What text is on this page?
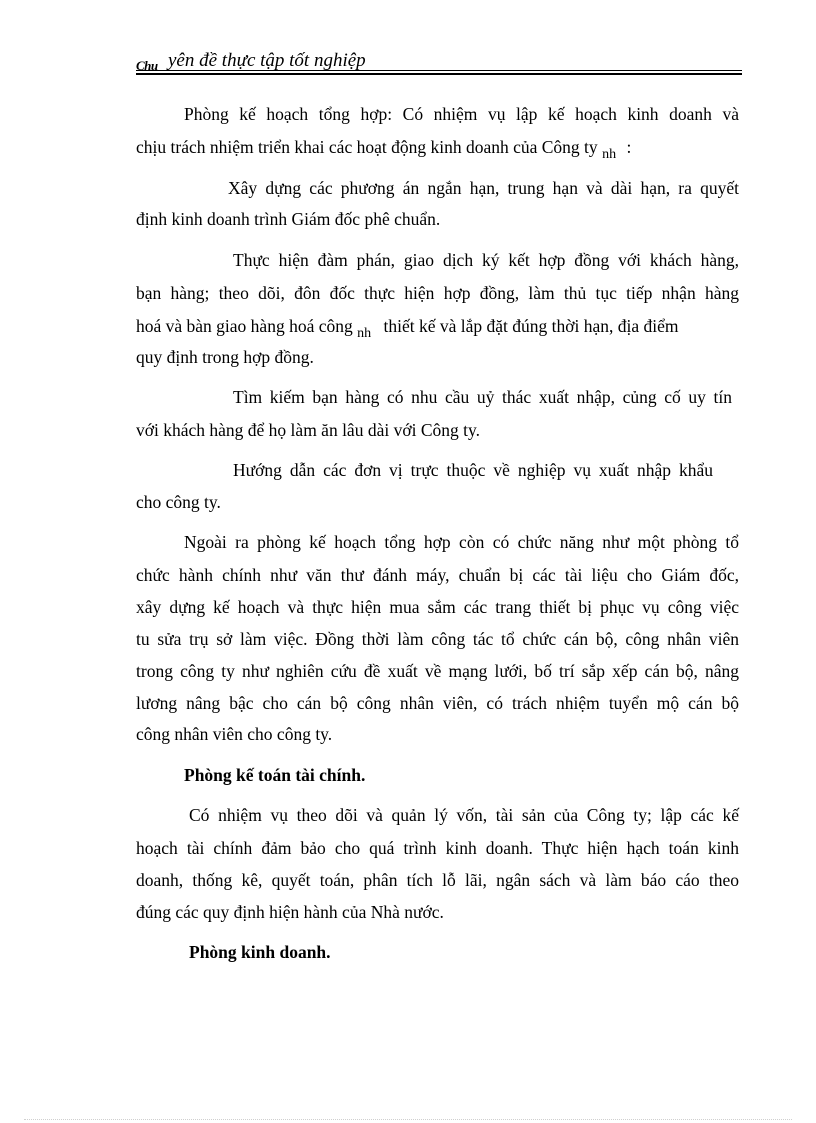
Chu yên đề thực tập tốt nghiệp
Phòng kế hoạch tổng hợp: Có nhiệm vụ lập kế hoạch kinh doanh và
chịu trách nhiệm triển khai các hoạt động kinh doanh của Công ty $_{nh}$ :
Xây dựng các phương án ngắn hạn, trung hạn và dài hạn, ra quyết
định kinh doanh trình Giám đốc phê chuẩn.
Thực hiện đàm phán, giao dịch ký kết hợp đồng với khách hàng,
bạn hàng; theo dõi, đôn đốc thực hiện hợp đồng, làm thủ tục tiếp nhận hàng
hoá và bàn giao hàng hoá công $_{nh}$ thiết kế và lắp đặt đúng thời hạn, địa điểm
quy định trong hợp đồng.
Tìm kiếm bạn hàng có nhu cầu uỷ thác xuất nhập, củng cố uy tín
với khách hàng để họ làm ăn lâu dài với Công ty.
Hướng dẫn các đơn vị trực thuộc về nghiệp vụ xuất nhập khẩu
cho công ty.
Ngoài ra phòng kế hoạch tổng hợp còn có chức năng như một phòng tổ
chức hành chính như văn thư đánh máy, chuẩn bị các tài liệu cho Giám đốc,
xây dựng kế hoạch và thực hiện mua sắm các trang thiết bị phục vụ công việc
tu sửa trụ sở làm việc. Đồng thời làm công tác tổ chức cán bộ, công nhân viên
trong công ty như nghiên cứu đề xuất về mạng lưới, bố trí sắp xếp cán bộ, nâng
lương nâng bậc cho cán bộ công nhân viên, có trách nhiệm tuyển mộ cán bộ
công nhân viên cho công ty.
Phòng kế toán tài chính.
Có nhiệm vụ theo dõi và quản lý vốn, tài sản của Công ty; lập các kế
hoạch tài chính đảm bảo cho quá trình kinh doanh. Thực hiện hạch toán kinh
doanh, thống kê, quyết toán, phân tích lỗ lãi, ngân sách và làm báo cáo theo
đúng các quy định hiện hành của Nhà nước.
Phòng kinh doanh.
